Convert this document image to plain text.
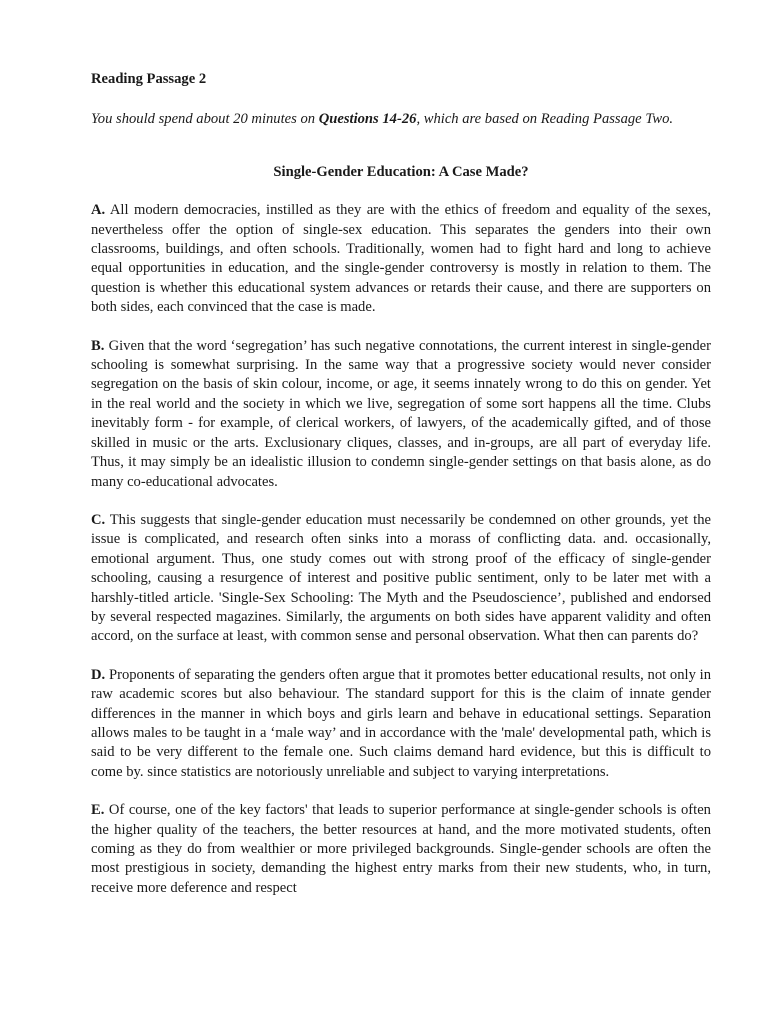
Reading Passage 2
You should spend about 20 minutes on Questions 14-26, which are based on Reading Passage Two.
Single-Gender Education: A Case Made?
A. All modern democracies, instilled as they are with the ethics of freedom and equality of the sexes, nevertheless offer the option of single-sex education. This separates the genders into their own classrooms, buildings, and often schools. Traditionally, women had to fight hard and long to achieve equal opportunities in education, and the single-gender controversy is mostly in relation to them. The question is whether this educational system advances or retards their cause, and there are supporters on both sides, each convinced that the case is made.
B. Given that the word ‘segregation’ has such negative connotations, the current interest in single-gender schooling is somewhat surprising. In the same way that a progressive society would never consider segregation on the basis of skin colour, income, or age, it seems innately wrong to do this on gender. Yet in the real world and the society in which we live, segregation of some sort happens all the time. Clubs inevitably form - for example, of clerical workers, of lawyers, of the academically gifted, and of those skilled in music or the arts. Exclusionary cliques, classes, and in-groups, are all part of everyday life. Thus, it may simply be an idealistic illusion to condemn single-gender settings on that basis alone, as do many co-educational advocates.
C. This suggests that single-gender education must necessarily be condemned on other grounds, yet the issue is complicated, and research often sinks into a morass of conflicting data. and. occasionally, emotional argument. Thus, one study comes out with strong proof of the efficacy of single-gender schooling, causing a resurgence of interest and positive public sentiment, only to be later met with a harshly-titled article. 'Single-Sex Schooling: The Myth and the Pseudoscience’, published and endorsed by several respected magazines. Similarly, the arguments on both sides have apparent validity and often accord, on the surface at least, with common sense and personal observation. What then can parents do?
D. Proponents of separating the genders often argue that it promotes better educational results, not only in raw academic scores but also behaviour. The standard support for this is the claim of innate gender differences in the manner in which boys and girls learn and behave in educational settings. Separation allows males to be taught in a ‘male way’ and in accordance with the 'male' developmental path, which is said to be very different to the female one. Such claims demand hard evidence, but this is difficult to come by. since statistics are notoriously unreliable and subject to varying interpretations.
E. Of course, one of the key factors' that leads to superior performance at single-gender schools is often the higher quality of the teachers, the better resources at hand, and the more motivated students, often coming as they do from wealthier or more privileged backgrounds. Single-gender schools are often the most prestigious in society, demanding the highest entry marks from their new students, who, in turn, receive more deference and respect
